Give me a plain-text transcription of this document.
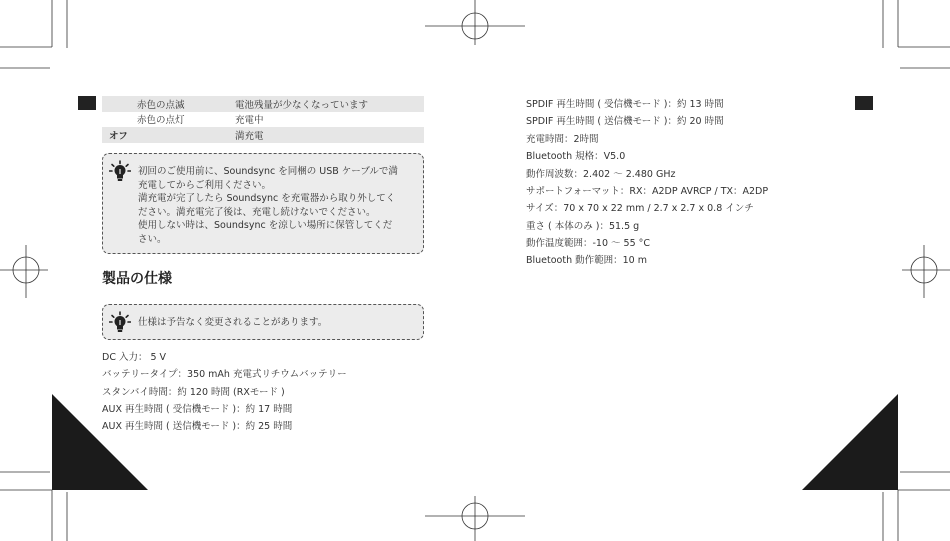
赤色の点滅	電池残量が少なくなっています
赤色の点灯	充電中
オフ	満充電

初回のご使用前に、Soundsync を同梱の USB ケーブルで満

充電してからご利用ください。

満充電が完了したら Soundsync を充電器から取り外してく

ださい。満充電完了後は、充電し続けないでください。

使用しない時は、Soundsync を涼しい場所に保管してくだ

さい。

製品の仕様
仕様は予告なく変更されることがあります。
DC 入力： 5 V
バッテリータイプ：350 mAh 充電式リチウムバッテリー
スタンバイ時間：約 120 時間 (RXモード )
AUX 再生時間 ( 受信機モード )：約 17 時間
AUX 再生時間 ( 送信機モード )：約 25 時間
SPDIF 再生時間 ( 受信機モード )：約 13 時間
SPDIF 再生時間 ( 送信機モード )：約 20 時間
充電時間：2時間
Bluetooth 規格：V5.0
動作周波数：2.402 〜 2.480 GHz
サポートフォーマット：RX：A2DP AVRCP / TX：A2DP
サイズ：70 x 70 x 22 mm / 2.7 x 2.7 x 0.8 インチ
重さ ( 本体のみ )：51.5 g
動作温度範囲：-10 〜 55 °C
Bluetooth 動作範囲：10 m
